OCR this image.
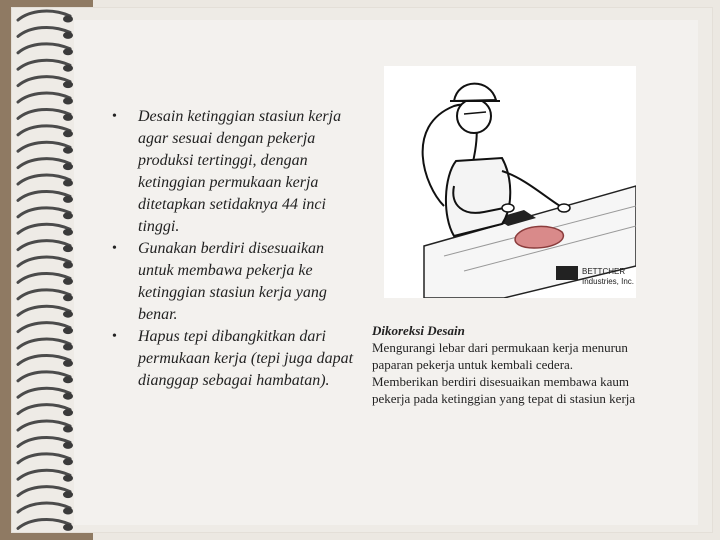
• Desain ketinggian stasiun kerja agar sesuai dengan pekerja produksi tertinggi, dengan ketinggian permukaan kerja ditetapkan setidaknya 44 inci tinggi.
• Gunakan berdiri disesuaikan untuk membawa pekerja ke ketinggian stasiun kerja yang benar.
• Hapus tepi dibangkitkan dari permukaan kerja (tepi juga dapat dianggap sebagai hambatan).
BETTCHER
Industries, Inc.
Dikoreksi Desain
Mengurangi lebar dari permukaan kerja menurun
paparan pekerja untuk kembali cedera.
Memberikan berdiri disesuaikan membawa kaum
pekerja pada ketinggian yang tepat di stasiun kerja
